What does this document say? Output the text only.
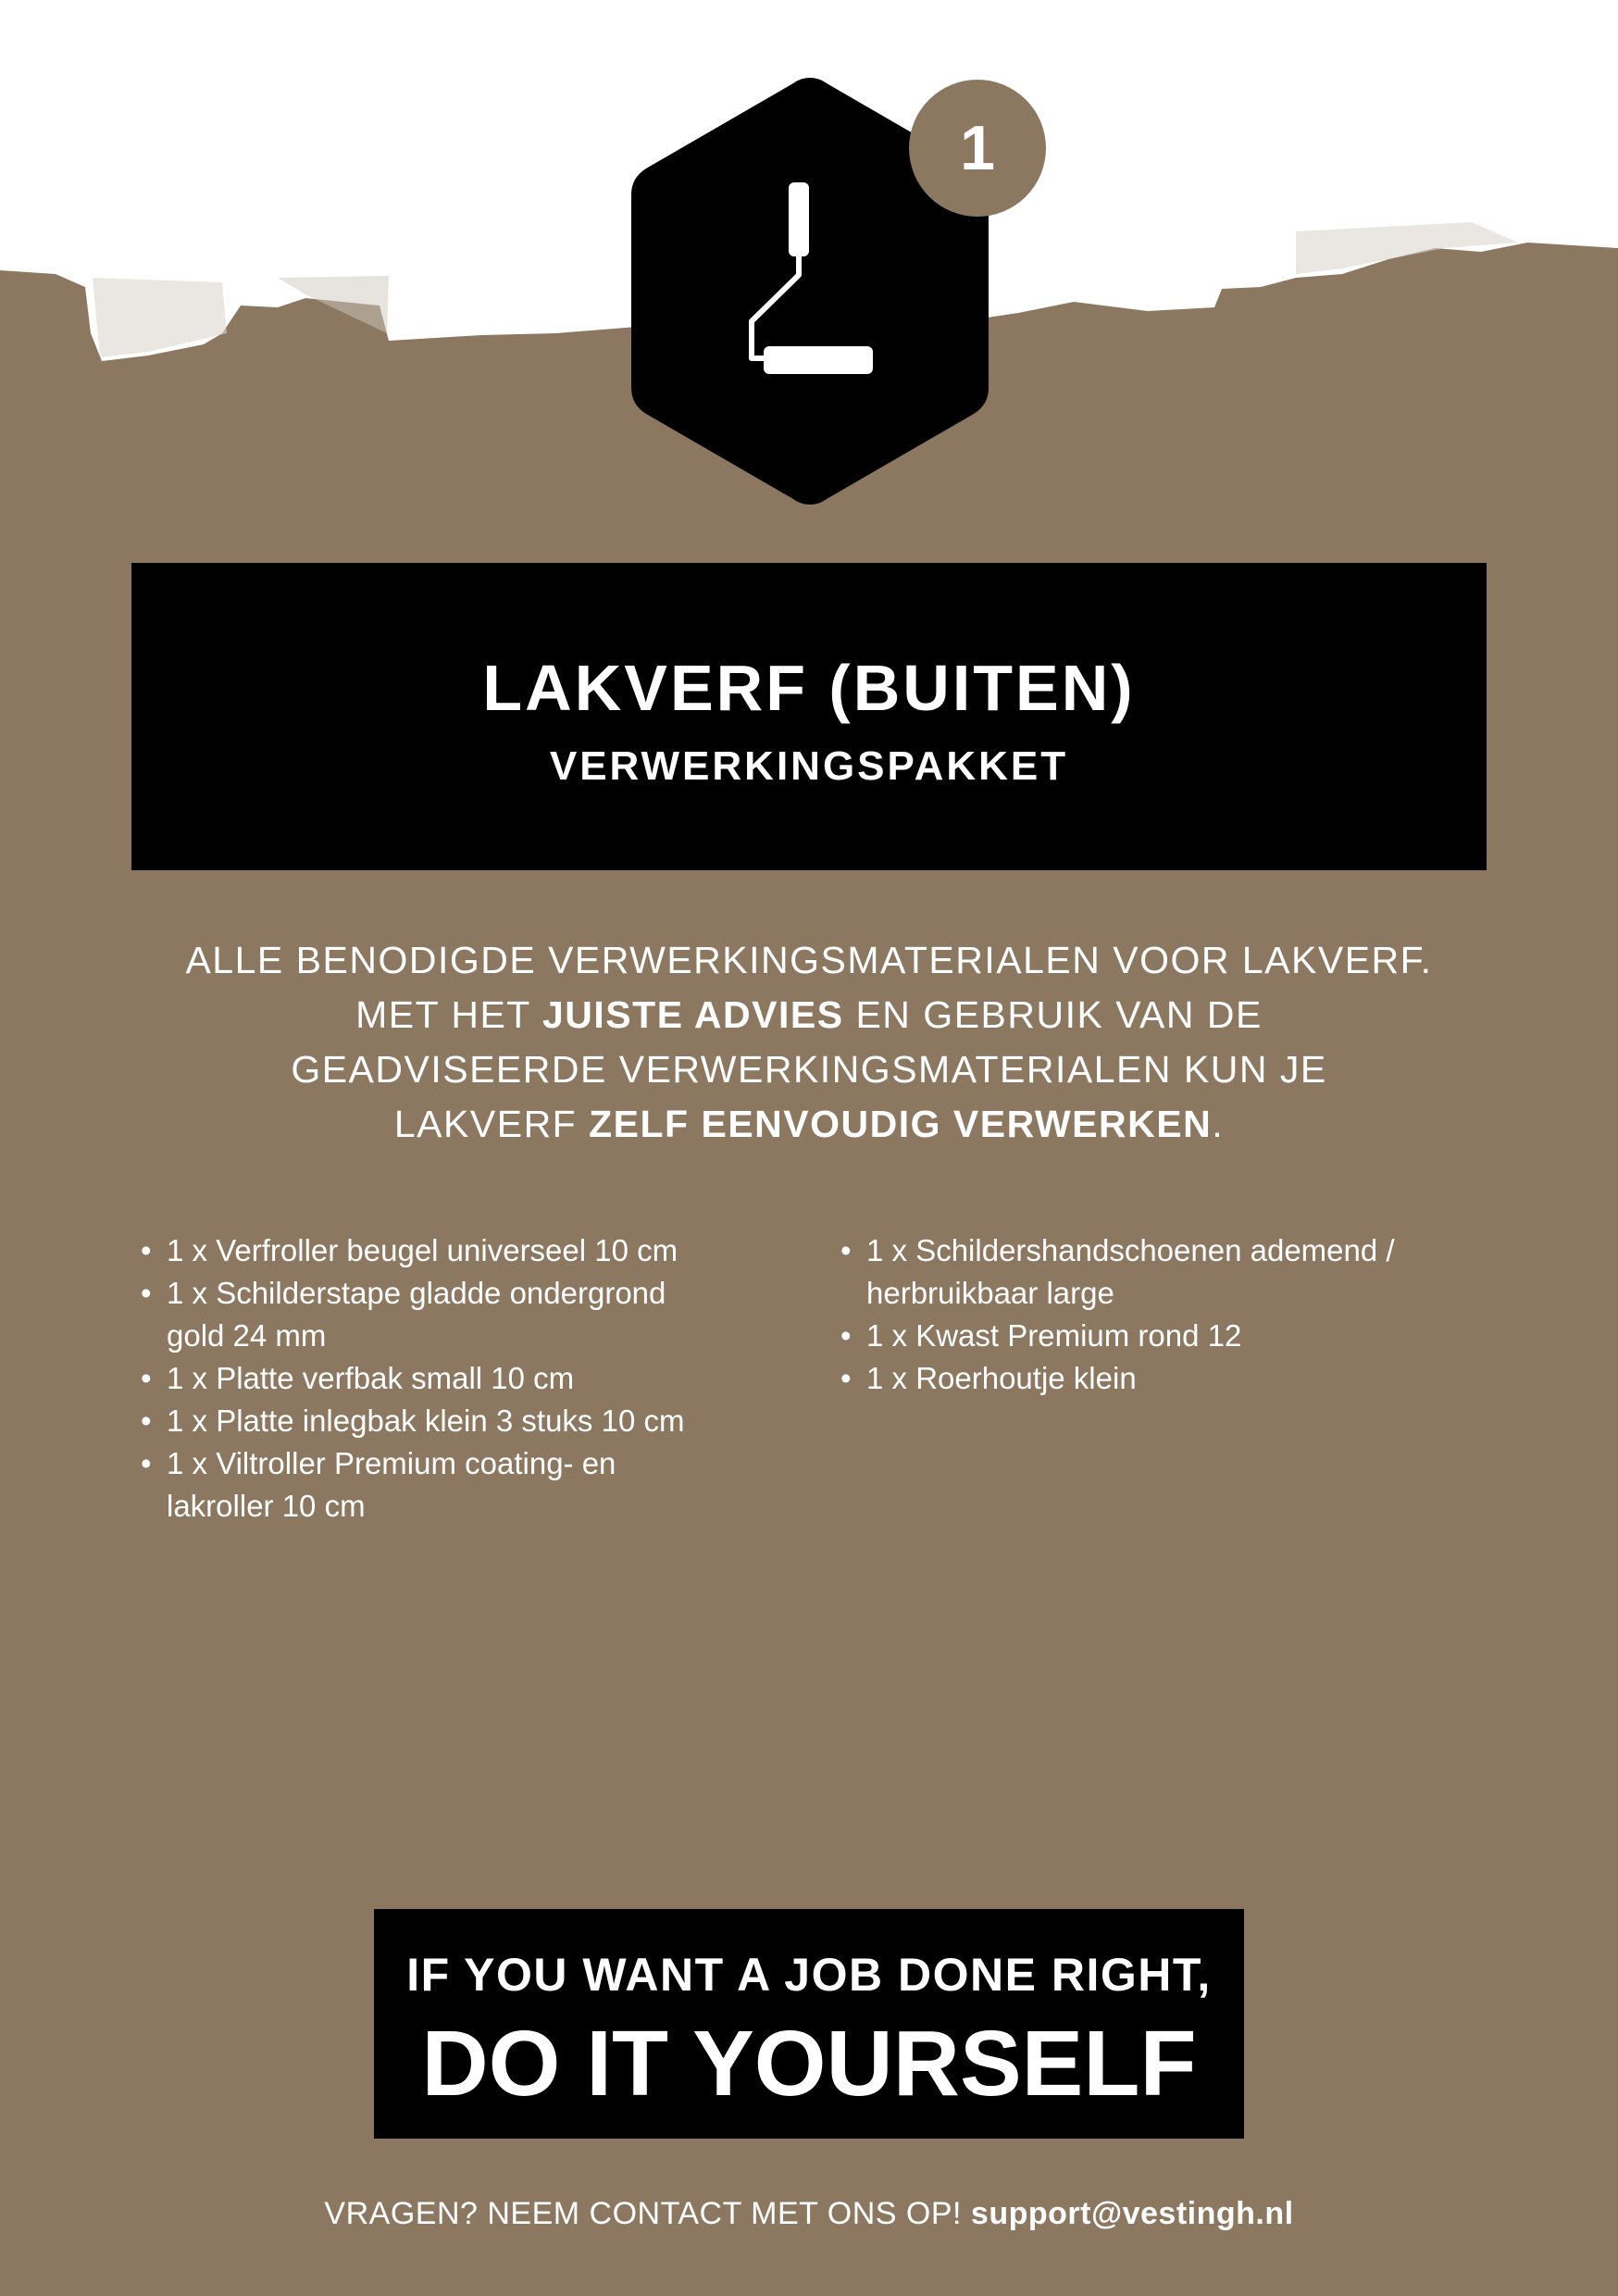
1
LAKVERF (BUITEN)
VERWERKINGSPAKKET
ALLE BENODIGDE VERWERKINGSMATERIALEN VOOR LAKVERF.
MET HET JUISTE ADVIES EN GEBRUIK VAN DE
GEADVISEERDE VERWERKINGSMATERIALEN KUN JE
LAKVERF ZELF EENVOUDIG VERWERKEN.
• 1 x Verfroller beugel universeel 10 cm
• 1 x Schilderstape gladde ondergrond
gold 24 mm
• 1 x Platte verfbak small 10 cm
• 1 x Platte inlegbak klein 3 stuks 10 cm
• 1 x Viltroller Premium coating- en
lakroller 10 cm
• 1 x Schildershandschoenen ademend /
herbruikbaar large
• 1 x Kwast Premium rond 12
• 1 x Roerhoutje klein
IF YOU WANT A JOB DONE RIGHT,
DO IT YOURSELF
VRAGEN? NEEM CONTACT MET ONS OP! support@vestingh.nl
